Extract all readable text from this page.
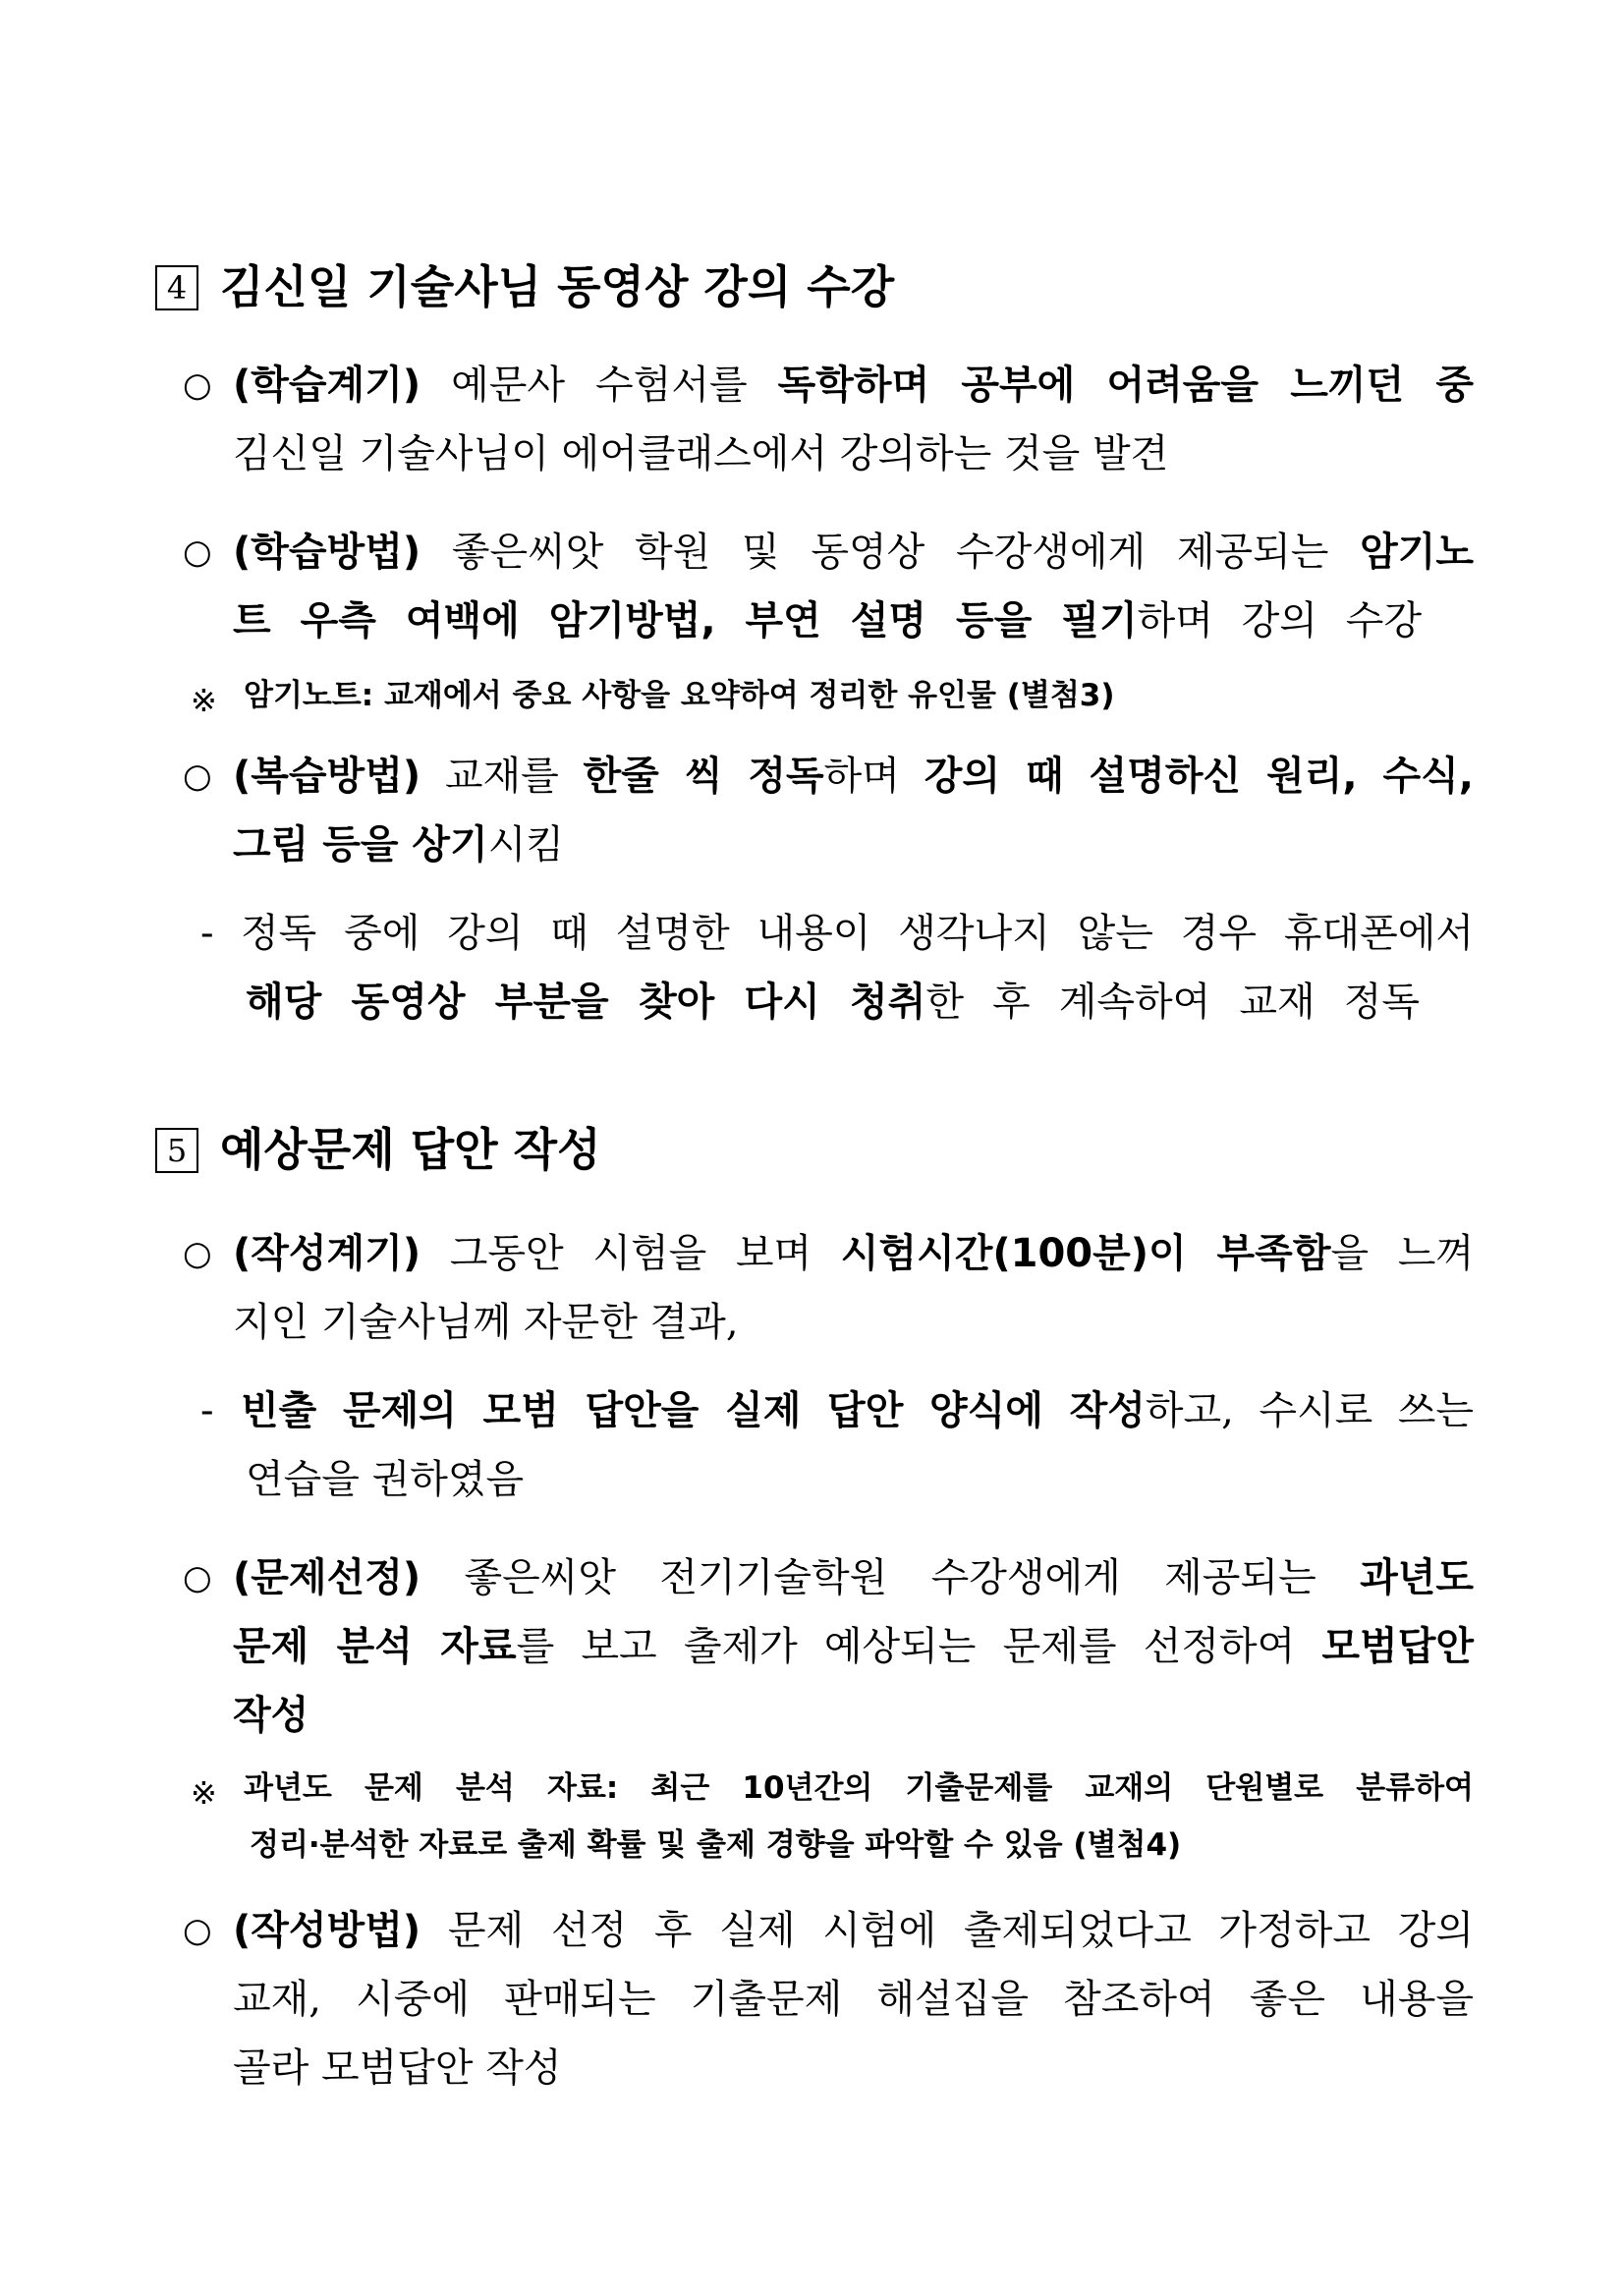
4 김신일 기술사님 동영상 강의 수강
○ (학습계기) 예문사 수험서를 독학하며 공부에 어려움을 느끼던 중
김신일 기술사님이 에어클래스에서 강의하는 것을 발견
○ (학습방법) 좋은씨앗 학원 및 동영상 수강생에게 제공되는 암기노
트 우측 여백에 암기방법, 부연 설명 등을 필기하며 강의 수강
※ 암기노트: 교재에서 중요 사항을 요약하여 정리한 유인물 (별첨3)
○ (복습방법) 교재를 한줄 씩 정독하며 강의 때 설명하신 원리, 수식,
그림 등을 상기시킴
- 정독 중에 강의 때 설명한 내용이 생각나지 않는 경우 휴대폰에서
해당 동영상 부분을 찾아 다시 청취한 후 계속하여 교재 정독
5 예상문제 답안 작성
○ (작성계기) 그동안 시험을 보며 시험시간(100분)이 부족함을 느껴
지인 기술사님께 자문한 결과,
- 빈출 문제의 모범 답안을 실제 답안 양식에 작성하고, 수시로 쓰는
연습을 권하였음
○ (문제선정) 좋은씨앗 전기기술학원 수강생에게 제공되는 과년도
문제 분석 자료를 보고 출제가 예상되는 문제를 선정하여 모범답안
작성
※ 과년도 문제 분석 자료: 최근 10년간의 기출문제를 교재의 단원별로 분류하여
정리·분석한 자료로 출제 확률 및 출제 경향을 파악할 수 있음 (별첨4)
○ (작성방법) 문제 선정 후 실제 시험에 출제되었다고 가정하고 강의
교재, 시중에 판매되는 기출문제 해설집을 참조하여 좋은 내용을
골라 모범답안 작성
